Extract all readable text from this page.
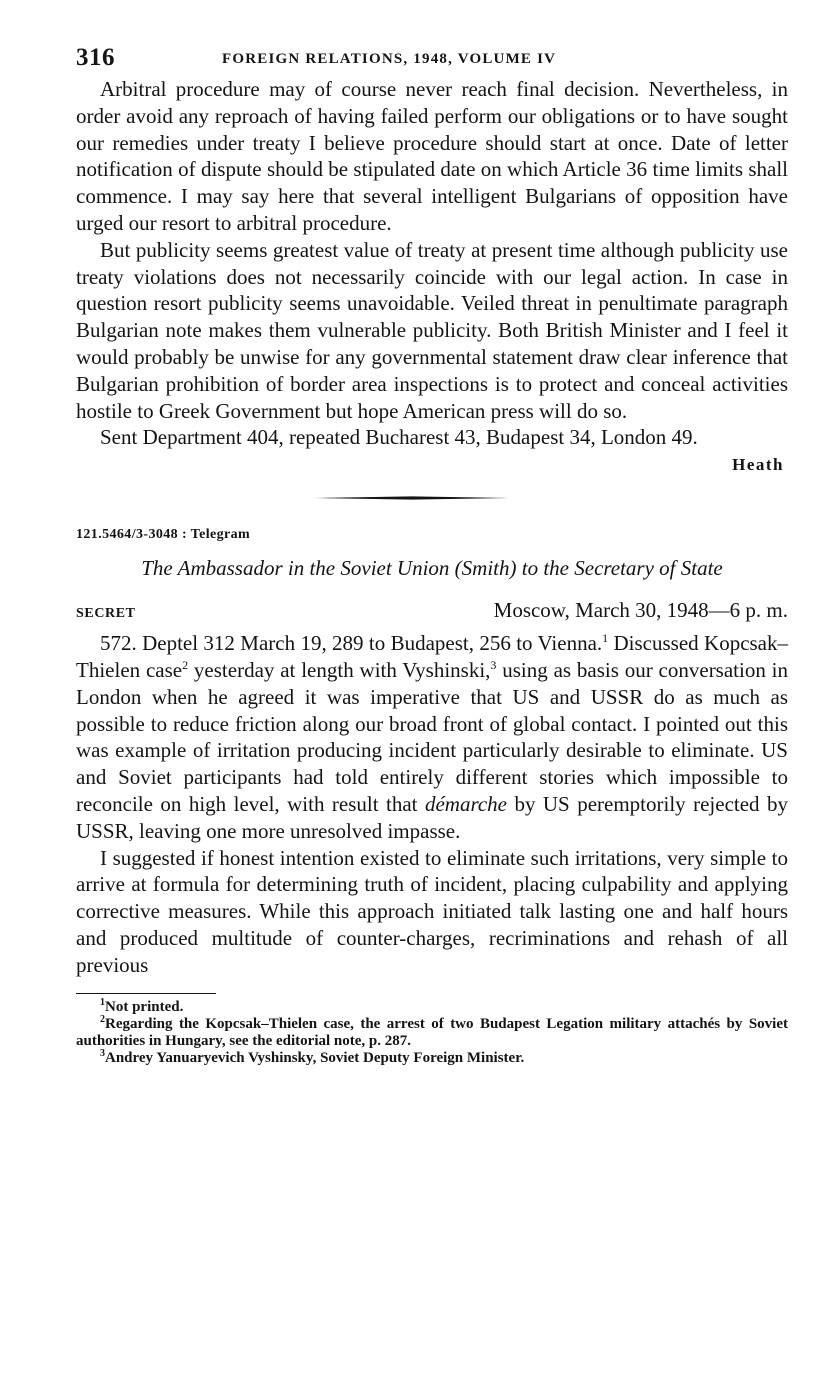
316	FOREIGN RELATIONS, 1948, VOLUME IV

Arbitral procedure may of course never reach final decision. Nevertheless, in order avoid any reproach of having failed perform our obligations or to have sought our remedies under treaty I believe procedure should start at once. Date of letter notification of dispute should be stipulated date on which Article 36 time limits shall commence. I may say here that several intelligent Bulgarians of opposition have urged our resort to arbitral procedure.

But publicity seems greatest value of treaty at present time although publicity use treaty violations does not necessarily coincide with our legal action. In case in question resort publicity seems unavoidable. Veiled threat in penultimate paragraph Bulgarian note makes them vulnerable publicity. Both British Minister and I feel it would probably be unwise for any governmental statement draw clear inference that Bulgarian prohibition of border area inspections is to protect and conceal activities hostile to Greek Government but hope American press will do so.

Sent Department 404, repeated Bucharest 43, Budapest 34, London 49.

Heath
121.5464/3-3048 : Telegram
The Ambassador in the Soviet Union (Smith) to the Secretary of State
SECRET	Moscow, March 30, 1948—6 p. m.

572. Deptel 312 March 19, 289 to Budapest, 256 to Vienna.$^1$ Discussed Kopcsak–Thielen case$^2$ yesterday at length with Vyshinski,$^3$ using as basis our conversation in London when he agreed it was imperative that US and USSR do as much as possible to reduce friction along our broad front of global contact. I pointed out this was example of irritation producing incident particularly desirable to eliminate. US and Soviet participants had told entirely different stories which impossible to reconcile on high level, with result that démarche by US peremptorily rejected by USSR, leaving one more unresolved impasse.

I suggested if honest intention existed to eliminate such irritations, very simple to arrive at formula for determining truth of incident, placing culpability and applying corrective measures. While this approach initiated talk lasting one and half hours and produced multitude of counter-charges, recriminations and rehash of all previous

$^1$Not printed.
$^2$Regarding the Kopcsak–Thielen case, the arrest of two Budapest Legation military attachés by Soviet authorities in Hungary, see the editorial note, p. 287.
$^3$Andrey Yanuaryevich Vyshinsky, Soviet Deputy Foreign Minister.
